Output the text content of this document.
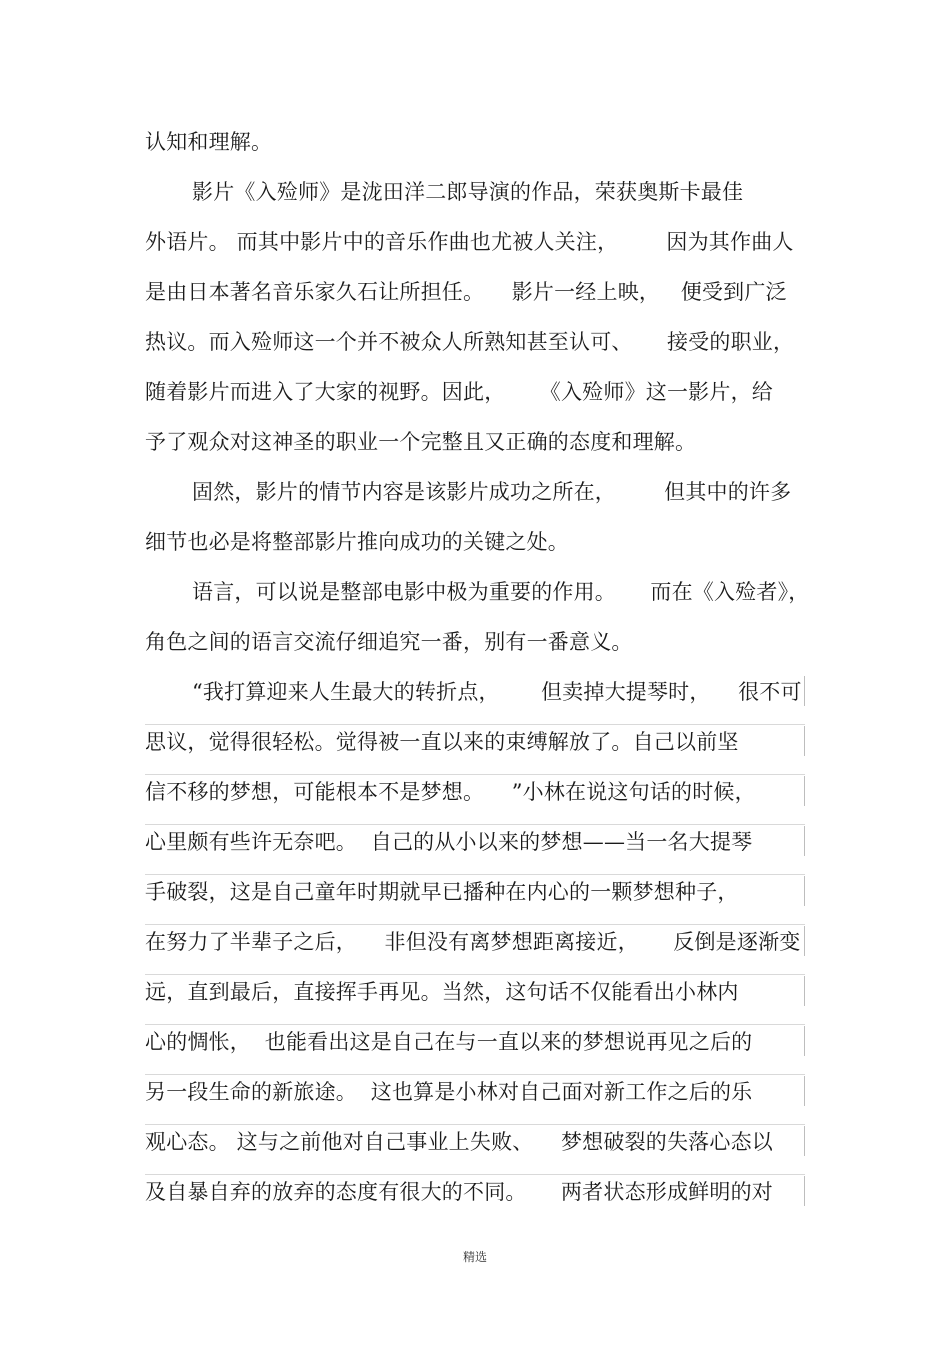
认知和理解。
影片《入殓师》是泷田洋二郎导演的作品，荣获奥斯卡最佳
外语片。 而其中影片中的音乐作曲也尤被人关注，       因为其作曲人
是由日本著名音乐家久石让所担任。    影片一经上映，   便受到广泛
热议。而入殓师这一个并不被众人所熟知甚至认可、     接受的职业，
随着影片而进入了大家的视野。因此，     《入殓师》这一影片，给
予了观众对这神圣的职业一个完整且又正确的态度和理解。
固然，影片的情节内容是该影片成功之所在，       但其中的许多
细节也必是将整部影片推向成功的关键之处。
语言，可以说是整部电影中极为重要的作用。     而在《入殓者》，
角色之间的语言交流仔细追究一番，别有一番意义。
“我打算迎来人生最大的转折点，      但卖掉大提琴时，    很不可
思议，觉得很轻松。觉得被一直以来的束缚解放了。自己以前坚
信不移的梦想，可能根本不是梦想。    ”小林在说这句话的时候，
心里颇有些许无奈吧。  自己的从小以来的梦想——当一名大提琴
手破裂，这是自己童年时期就早已播种在内心的一颗梦想种子，
在努力了半辈子之后，    非但没有离梦想距离接近，     反倒是逐渐变
远，直到最后，直接挥手再见。当然，这句话不仅能看出小林内
心的惆怅，  也能看出这是自己在与一直以来的梦想说再见之后的
另一段生命的新旅途。  这也算是小林对自己面对新工作之后的乐
观心态。 这与之前他对自己事业上失败、    梦想破裂的失落心态以
及自暴自弃的放弃的态度有很大的不同。     两者状态形成鲜明的对
精选
